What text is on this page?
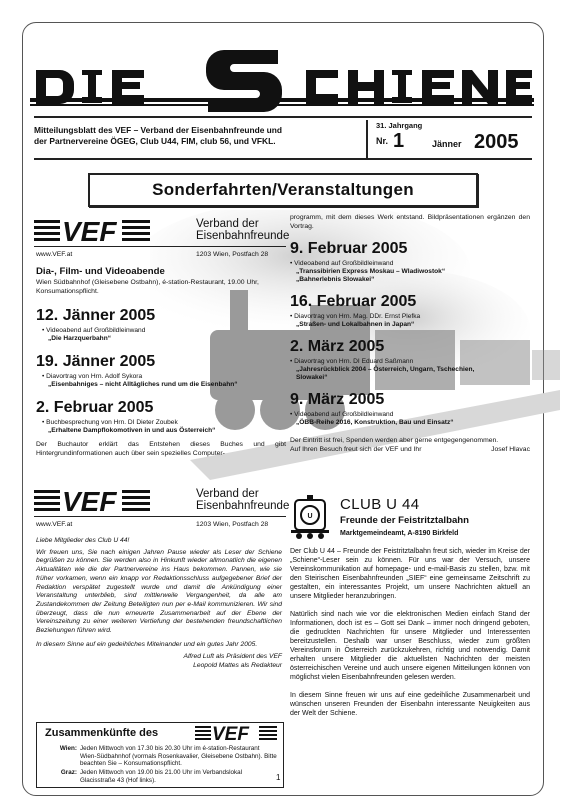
Mitteilungsblatt des VEF – Verband der Eisenbahnfreunde und
der Partnervereine ÖGEG, Club U44, FIM, club 56, und VFKL.
31. Jahrgang
Nr. 1	Jänner 2005
Sonderfahrten/Veranstaltungen
VEF	Verband der
Eisenbahnfreunde
www.VEF.at	1203 Wien, Postfach 28
Dia-, Film- und Videoabende
Wien Südbahnhof (Gleisebene Ostbahn), é-station-Restaurant, 19.00 Uhr, Konsumationspflicht.
12. Jänner 2005
• Videoabend auf Großbildleinwand
„Die Harzquerbahn“
19. Jänner 2005
• Diavortrag von Hrn. Adolf Sykora
„Eisenbahniges – nicht Alltägliches rund um die Eisenbahn“
2. Februar 2005
• Buchbesprechung von Hrn. DI Dieter Zoubek
„Erhaltene Dampflokomotiven in und aus Österreich“
Der Buchautor erklärt das Entstehen dieses Buches und gibt Hintergrundinformationen auch über sein spezielles Computer-
programm, mit dem dieses Werk entstand. Bildpräsentationen ergänzen den Vortrag.
9. Februar 2005
• Videoabend auf Großbildleinwand
„Transsibirien Express Moskau – Wladiwostok“
„Bahnerlebnis Slowakei“
16. Februar 2005
• Diavortrag von Hrn. Mag. DDr. Ernst Plefka
„Straßen- und Lokalbahnen in Japan“
2. März 2005
• Diavortrag von Hrn. DI Eduard Saßmann
„Jahresrückblick 2004 – Österreich, Ungarn, Tschechien,
Slowakei“
9. März 2005
• Videoabend auf Großbildleinwand
„ÖBB-Reihe 2016, Konstruktion, Bau und Einsatz“
Der Eintritt ist frei, Spenden werden aber gerne entgegengenommen.
Auf Ihren Besuch freut sich der VEF und Ihr	Josef Hlavac
VEF	Verband der
Eisenbahnfreunde
www.VEF.at	1203 Wien, Postfach 28
Liebe Mitglieder des Club U 44!
Wir freuen uns, Sie nach einigen Jahren Pause wieder als Leser der Schiene begrüßen zu können. Sie werden also in Hinkunft wieder allmonatlich die eigenen Aktualitäten wie die der Partnervereine ins Haus bekommen. Pannen, wie sie früher vorkamen, wenn ein knapp vor Redaktionsschluss aufgegebener Brief der Redaktion verspätet zugestellt wurde und damit die Ankündigung einer Veranstaltung unterblieb, sind mittlerweile Vergangenheit, da alle am Zustandekommen der Zeitung Beteiligten nun per e-Mail kommunizieren. Wir sind überzeugt, dass die nun erneuerte Zusammenarbeit auf der Ebene der Vereinszeitung zu einer weiteren Vertiefung der bestehenden freundschaftlichen Beziehungen führen wird.
In diesem Sinne auf ein gedeihliches Miteinander und ein gutes Jahr 2005.
Alfred Luft als Präsident des VEF
Leopold Mattes als Redakteur
Zusammenkünfte des	VEF
Wien: Jeden Mittwoch von 17.30 bis 20.30 Uhr im é-station-Restaurant Wien-Südbahnhof (vormals Rosenkavalier, Gleisebene Ostbahn). Bitte beachten Sie – Konsumationspflicht.
Graz: Jeden Mittwoch von 19.00 bis 21.00 Uhr im Verbandslokal Glacisstraße 43 (Hof links).
U
CLUB U 44
Freunde der Feistritztalbahn
Marktgemeindeamt, A-8190 Birkfeld
Der Club U 44 – Freunde der Feistritztalbahn freut sich, wieder im Kreise der „Schiene“-Leser sein zu können. Für uns war der Versuch, unsere Vereinskommunikation auf homepage- und e-mail-Basis zu stellen, bzw. mit den Steirischen Eisenbahnfreunden „SIEF“ eine gemeinsame Zeitschrift zu gestalten, ein interessantes Projekt, um unsere Nachrichten aktuell an unsere Mitglieder heranzubringen.
Natürlich sind nach wie vor die elektronischen Medien einfach Stand der Informationen, doch ist es – Gott sei Dank – immer noch dringend geboten, die gedruckten Nachrichten für unsere Mitglieder und Interessenten bereitzustellen. Deshalb war unser Beschluss, wieder zum größten Vereinsforum in Österreich zurückzukehren, richtig und notwendig. Damit erhalten unsere Mitglieder die aktuellsten Nachrichten der meisten österreichischen Vereine und auch unsere eigenen Mitteilungen können von möglichst vielen Eisenbahnfreunden gelesen werden.
In diesem Sinne freuen wir uns auf eine gedeihliche Zusammenarbeit und wünschen unseren Freunden der Eisenbahn interessante Neuigkeiten aus der Welt der Schiene.
1
